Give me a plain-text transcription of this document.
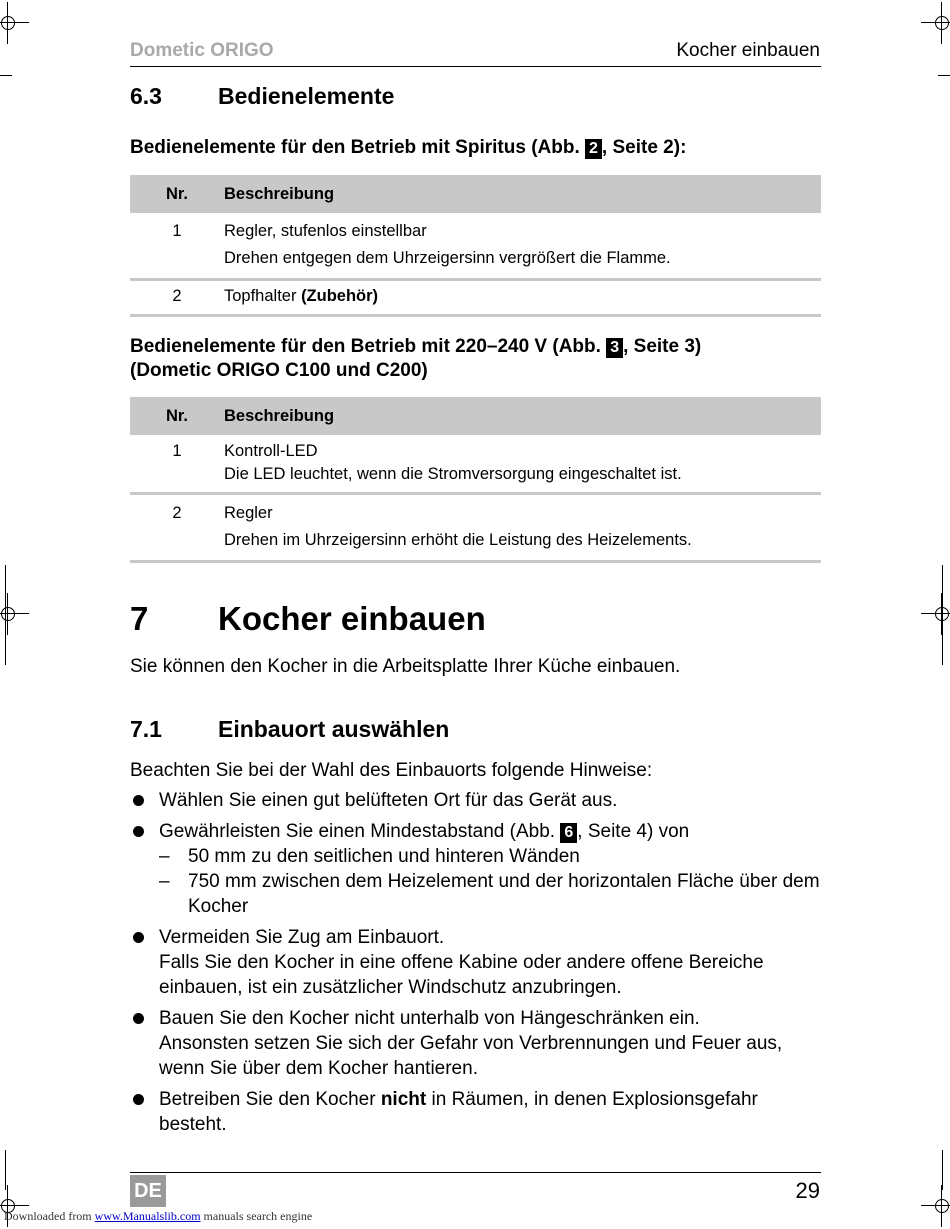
Dometic ORIGO	Kocher einbauen
6.3 Bedienelemente
Bedienelemente für den Betrieb mit Spiritus (Abb. 2 , Seite 2):
Nr.	Beschreibung

1	Regler, stufenlos einstellbar
Drehen entgegen dem Uhrzeigersinn vergrößert die Flamme.

2	Topfhalter (Zubehör)
Bedienelemente für den Betrieb mit 220–240 V (Abb. 3 , Seite 3)
(Dometic ORIGO C100 und C200)
Nr.	Beschreibung

1	Kontroll-LED
Die LED leuchtet, wenn die Stromversorgung eingeschaltet ist.

2	Regler
Drehen im Uhrzeigersinn erhöht die Leistung des Heizelements.
7 Kocher einbauen
Sie können den Kocher in die Arbeitsplatte Ihrer Küche einbauen.
7.1 Einbauort auswählen
Beachten Sie bei der Wahl des Einbauorts folgende Hinweise:
Wählen Sie einen gut belüfteten Ort für das Gerät aus.
Gewährleisten Sie einen Mindestabstand (Abb. 6 , Seite 4) von
– 50 mm zu den seitlichen und hinteren Wänden
– 750 mm zwischen dem Heizelement und der horizontalen Fläche über dem Kocher
Vermeiden Sie Zug am Einbauort.
Falls Sie den Kocher in eine offene Kabine oder andere offene Bereiche einbauen, ist ein zusätzlicher Windschutz anzubringen.
Bauen Sie den Kocher nicht unterhalb von Hängeschränken ein.
Ansonsten setzen Sie sich der Gefahr von Verbrennungen und Feuer aus, wenn Sie über dem Kocher hantieren.
Betreiben Sie den Kocher nicht in Räumen, in denen Explosionsgefahr besteht.
DE	29
Downloaded from www.Manualslib.com manuals search engine
